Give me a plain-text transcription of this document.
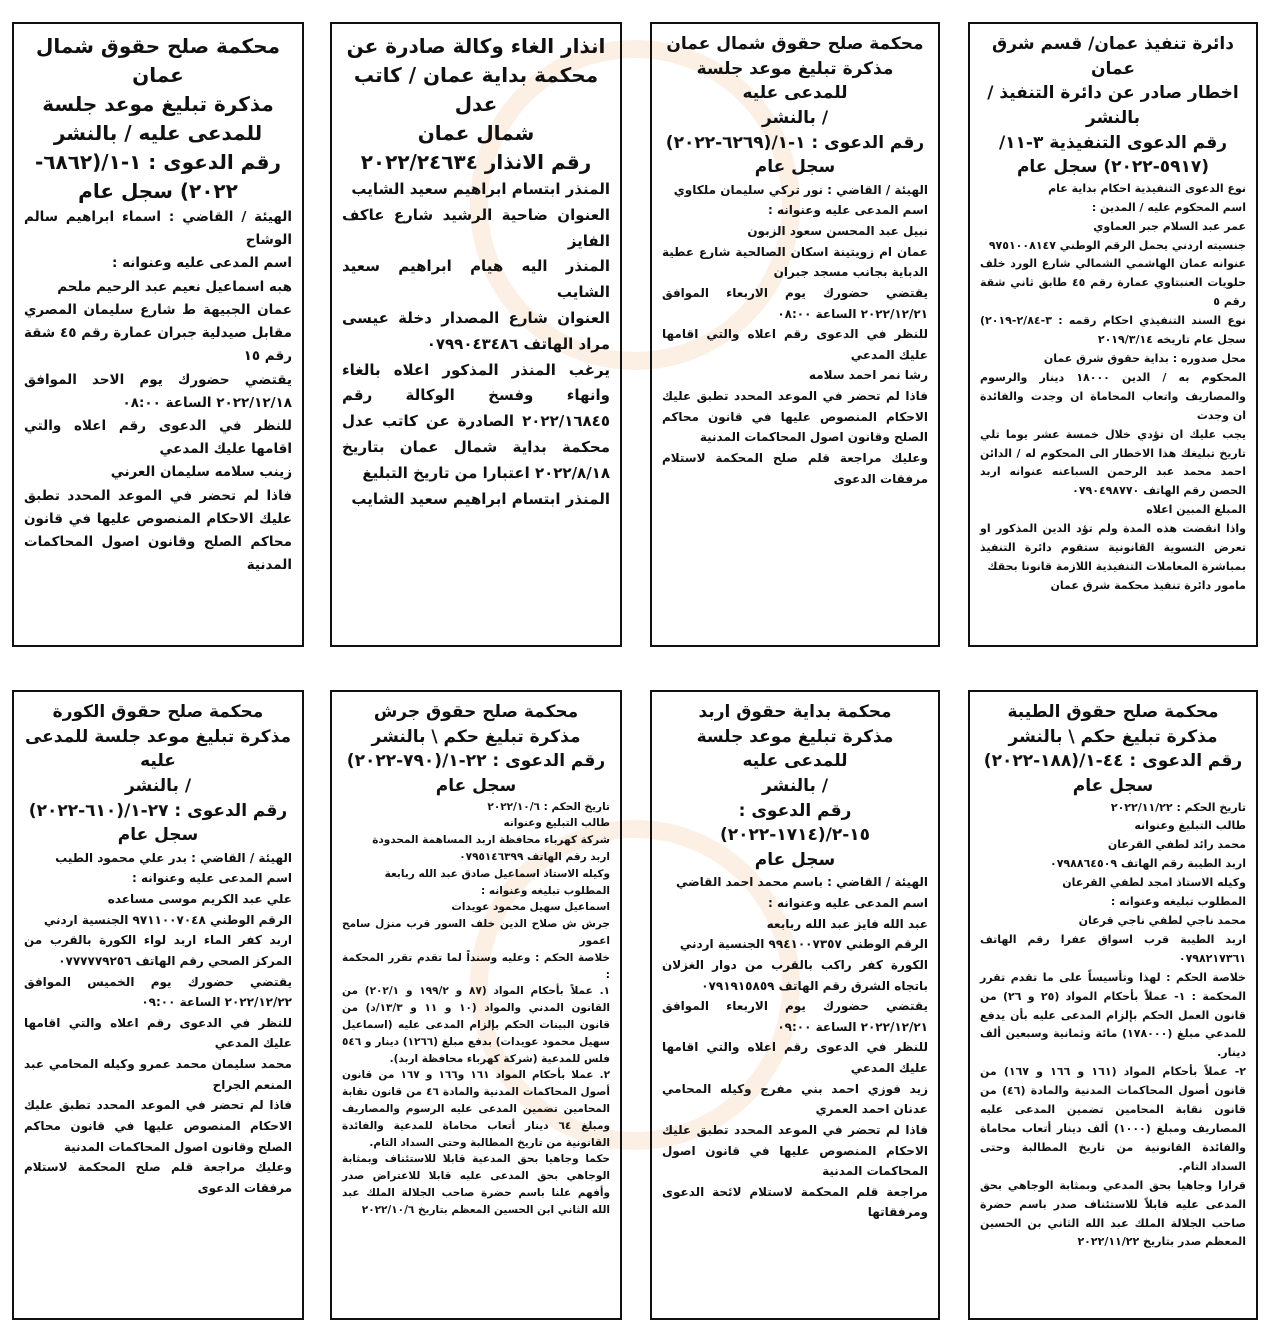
دائرة تنفيذ عمان/ قسم شرق عمان
اخطار صادر عن دائرة التنفيذ / بالنشر
رقم الدعوى التنفيذية ٣-١١/
(٥٩١٧-٢٠٢٢) سجل عام
نوع الدعوى التنفيذية احكام بداية عام
اسم المحكوم عليه / المدين :
عمر عبد السلام جبر العماوي
جنسيته اردني يحمل الرقم الوطني ٩٧٥١٠٠٨١٤٧
عنوانه عمان الهاشمي الشمالي شارع الورد خلف حلويات العنبتاوي عمارة رقم ٤٥ طابق ثاني شقة رقم ٥
نوع السند التنفيذي احكام رقمه : ٣-٢/٨٤-٢٠١٩) سجل عام تاريخه ٢٠١٩/٣/١٤
محل صدوره : بداية حقوق شرق عمان
المحكوم به / الدين ١٨٠٠٠ دينار والرسوم والمصاريف واتعاب المحاماة ان وجدت والفائدة ان وجدت
يجب عليك ان تؤدي خلال خمسة عشر يوما تلي تاريخ تبليغك هذا الاخطار الى المحكوم له / الدائن احمد محمد عبد الرحمن السباعنه عنوانه اربد الحصن رقم الهاتف ٠٧٩٠٤٩٨٧٧٠
المبلغ المبين اعلاه
واذا انقضت هذه المدة ولم تؤد الدين المذكور او تعرض التسوية القانونية ستقوم دائرة التنفيذ بمباشرة المعاملات التنفيذية اللازمة قانونا بحقك
مامور دائرة تنفيذ محكمة شرق عمان
محكمة صلح حقوق شمال عمان
مذكرة تبليغ موعد جلسة للمدعى عليه
/ بالنشر
رقم الدعوى : ١-١/(٦٢٦٩-٢٠٢٢)
سجل عام
الهيئة / القاضي : نور تركي سليمان ملكاوي
اسم المدعى عليه وعنوانه :
نبيل عبد المحسن سعود الزبون
عمان ام زويتينة اسكان الصالحية شارع عطية الدباية بجانب مسجد جبران
يقتضي حضورك يوم الاربعاء الموافق ٢٠٢٢/١٢/٢١ الساعة ٠٨:٠٠
للنظر في الدعوى رقم اعلاه والتي اقامها عليك المدعي
رشا نمر احمد سلامه
فاذا لم تحضر في الموعد المحدد تطبق عليك الاحكام المنصوص عليها في قانون محاكم الصلح وقانون اصول المحاكمات المدنية
وعليك مراجعة قلم صلح المحكمة لاستلام مرفقات الدعوى
انذار الغاء وكالة صادرة عن
محكمة بداية عمان / كاتب عدل
شمال عمان
رقم الانذار ٢٠٢٢/٢٤٦٣٤
المنذر ابتسام ابراهيم سعيد الشايب
العنوان ضاحية الرشيد شارع عاكف الفايز
المنذر اليه هيام ابراهيم سعيد الشايب
العنوان شارع المصدار دخلة عيسى مراد الهاتف ٠٧٩٩٠٤٣٤٨٦
يرغب المنذر المذكور اعلاه بالغاء وانهاء وفسخ الوكالة رقم ٢٠٢٢/١٦٨٤٥ الصادرة عن كاتب عدل محكمة بداية شمال عمان بتاريخ ٢٠٢٢/٨/١٨ اعتبارا من تاريخ التبليغ
المنذر ابتسام ابراهيم سعيد الشايب
محكمة صلح حقوق شمال عمان
مذكرة تبليغ موعد جلسة
للمدعى عليه / بالنشر
رقم الدعوى : ١-١/(٦٨٦٢-
٢٠٢٢) سجل عام
الهيئة / القاضي : اسماء ابراهيم سالم الوشاح
اسم المدعى عليه وعنوانه :
هبه اسماعيل نعيم عبد الرحيم ملحم
عمان الجبيهة ط شارع سليمان المصري مقابل صيدلية جبران عمارة رقم ٤٥ شقة رقم ١٥
يقتضي حضورك يوم الاحد الموافق ٢٠٢٢/١٢/١٨ الساعة ٠٨:٠٠
للنظر في الدعوى رقم اعلاه والتي اقامها عليك المدعي
زينب سلامه سليمان العرني
فاذا لم تحضر في الموعد المحدد تطبق عليك الاحكام المنصوص عليها في قانون محاكم الصلح وقانون اصول المحاكمات المدنية
محكمة صلح حقوق الطيبة
مذكرة تبليغ حكم \ بالنشر
رقم الدعوى : ٤٤-١/(١٨٨-٢٠٢٢)
سجل عام
تاريخ الحكم : ٢٠٢٢/١١/٢٢
طالب التبليغ وعنوانه
محمد رائد لطفي القرعان
اربد الطيبة رقم الهاتف ٠٧٩٨٨٦٤٥٠٩
وكيله الاستاذ امجد لطفي القرعان
المطلوب تبليغه وعنوانه :
محمد ناجي لطفي ناجي قرعان
اربد الطيبة قرب اسواق عفرا رقم الهاتف ٠٧٩٨٢١٧٣٦١
خلاصة الحكم : لهذا وتأسيساً على ما تقدم تقرر المحكمة : ١- عملاً بأحكام المواد (٢٥ و ٢٦) من قانون العمل الحكم بإلزام المدعى عليه بأن يدفع للمدعي مبلغ (١٧٨٠٠٠) مائة وثمانية وسبعين ألف دينار.
٢- عملاً بأحكام المواد (١٦١ و ١٦٦ و ١٦٧) من قانون أصول المحاكمات المدنية والمادة (٤٦) من قانون نقابة المحامين تضمين المدعى عليه المصاريف ومبلغ (١٠٠٠) ألف دينار أتعاب محاماة والفائدة القانونية من تاريخ المطالبة وحتى السداد التام.
قرارا وجاهيا بحق المدعي وبمثابة الوجاهي بحق المدعى عليه قابلاً للاستئناف صدر باسم حضرة صاحب الجلالة الملك عبد الله الثاني بن الحسين المعظم صدر بتاريخ ٢٠٢٢/١١/٢٢
محكمة بداية حقوق اربد
مذكرة تبليغ موعد جلسة للمدعى عليه
/ بالنشر
رقم الدعوى : ١٥-٢/(١٧١٤-٢٠٢٢)
سجل عام
الهيئة / القاضي : باسم محمد احمد القاضي
اسم المدعى عليه وعنوانه :
عبد الله فايز عبد الله ربابعه
الرقم الوطني ٩٩٤١٠٠٧٣٥٧ الجنسية اردني
الكورة كفر راكب بالقرب من دوار الغزلان باتجاه الشرق رقم الهاتف ٠٧٩١٩١٥٨٥٩
يقتضي حضورك يوم الاربعاء الموافق ٢٠٢٢/١٢/٢١ الساعة ٠٩:٠٠
للنظر في الدعوى رقم اعلاه والتي اقامها عليك المدعي
زيد فوزي احمد بني مفرج وكيله المحامي عدنان احمد العمري
فاذا لم تحضر في الموعد المحدد تطبق عليك الاحكام المنصوص عليها في قانون اصول المحاكمات المدنية
مراجعة قلم المحكمة لاستلام لائحة الدعوى ومرفقاتها
محكمة صلح حقوق جرش
مذكرة تبليغ حكم \ بالنشر
رقم الدعوى : ٢٢-١/(٧٩٠-٢٠٢٢)
سجل عام
تاريخ الحكم : ٢٠٢٢/١٠/٦
طالب التبليغ وعنوانه
شركة كهرباء محافظة اربد المساهمة المحدودة
اربد رقم الهاتف ٠٧٩٥١٤٦٣٩٩
وكيله الاستاذ اسماعيل صادق عبد الله ربابعة
المطلوب تبليغه وعنوانه :
اسماعيل سهيل محمود عويدات
جرش ش صلاح الدين خلف السور قرب منزل سامح اعمور
خلاصة الحكم : وعليه وسنداً لما تقدم تقرر المحكمة :
١. عملاً بأحكام المواد (٨٧ و ١٩٩/٢ و ٢٠٢/١) من القانون المدني والمواد (١٠ و ١١ و ١٣/٣/د) من قانون البينات الحكم بإلزام المدعى عليه (اسماعيل سهيل محمود عويدات) بدفع مبلغ (١٢٦٦) دينار و ٥٤٦ فلس للمدعية (شركة كهرباء محافظة اربد).
٢. عملا بأحكام المواد ١٦١ و١٦٦ و ١٦٧ من قانون أصول المحاكمات المدنية والمادة ٤٦ من قانون نقابة المحامين تضمين المدعى عليه الرسوم والمصاريف ومبلغ ٦٤ دينار أتعاب محاماة للمدعية والفائدة القانونية من تاريخ المطالبة وحتى السداد التام.
حكما وجاهيا بحق المدعية قابلا للاستئناف وبمثابة الوجاهي بحق المدعى عليه قابلا للاعتراض صدر وأفهم علنا باسم حضرة صاحب الجلالة الملك عبد الله الثاني ابن الحسين المعظم بتاريخ ٢٠٢٢/١٠/٦
محكمة صلح حقوق الكورة
مذكرة تبليغ موعد جلسة للمدعى عليه
/ بالنشر
رقم الدعوى : ٢٧-١/(٦١٠-٢٠٢٢)
سجل عام
الهيئة / القاضي : بدر علي محمود الطيب
اسم المدعى عليه وعنوانه :
علي عبد الكريم موسى مساعده
الرقم الوطني ٩٧١١٠٠٧٠٤٨ الجنسية اردني
اربد كفر الماء اربد لواء الكورة بالقرب من المركز الصحي رقم الهاتف ٠٧٧٧٧٧٩٢٥٦
يقتضي حضورك يوم الخميس الموافق ٢٠٢٢/١٢/٢٢ الساعة ٠٩:٠٠
للنظر في الدعوى رقم اعلاه والتي اقامها عليك المدعي
محمد سليمان محمد عمرو وكيله المحامي عبد المنعم الجراح
فاذا لم تحضر في الموعد المحدد تطبق عليك الاحكام المنصوص عليها في قانون محاكم الصلح وقانون اصول المحاكمات المدنية
وعليك مراجعة قلم صلح المحكمة لاستلام مرفقات الدعوى
